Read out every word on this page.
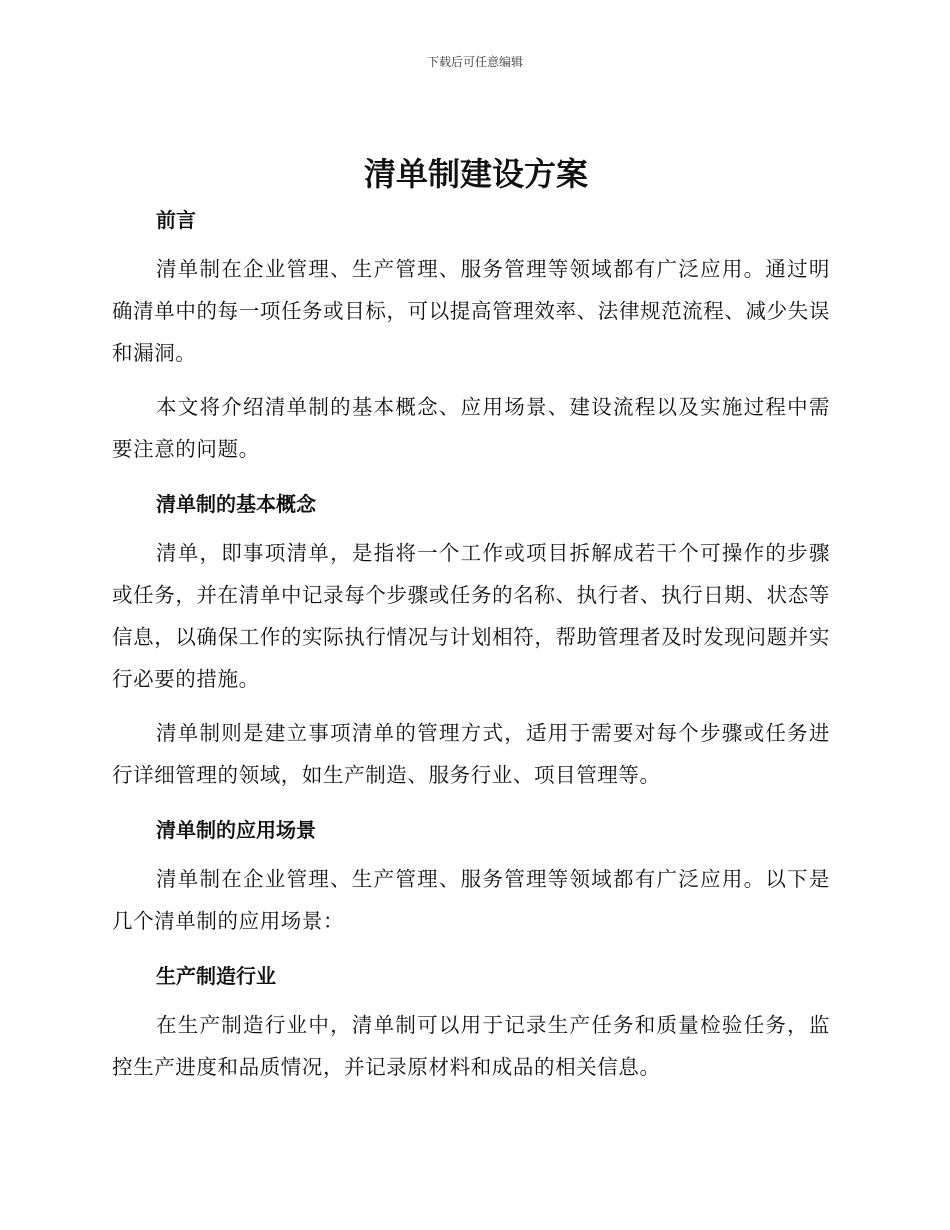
下载后可任意编辑
清单制建设方案
前言

清单制在企业管理、生产管理、服务管理等领域都有广泛应用。通过明确清单中的每一项任务或目标，可以提高管理效率、法律规范流程、减少失误和漏洞。

本文将介绍清单制的基本概念、应用场景、建设流程以及实施过程中需要注意的问题。

清单制的基本概念

清单，即事项清单，是指将一个工作或项目拆解成若干个可操作的步骤或任务，并在清单中记录每个步骤或任务的名称、执行者、执行日期、状态等信息，以确保工作的实际执行情况与计划相符，帮助管理者及时发现问题并实行必要的措施。

清单制则是建立事项清单的管理方式，适用于需要对每个步骤或任务进行详细管理的领域，如生产制造、服务行业、项目管理等。

清单制的应用场景

清单制在企业管理、生产管理、服务管理等领域都有广泛应用。以下是几个清单制的应用场景：

生产制造行业

在生产制造行业中，清单制可以用于记录生产任务和质量检验任务，监控生产进度和品质情况，并记录原材料和成品的相关信息。
